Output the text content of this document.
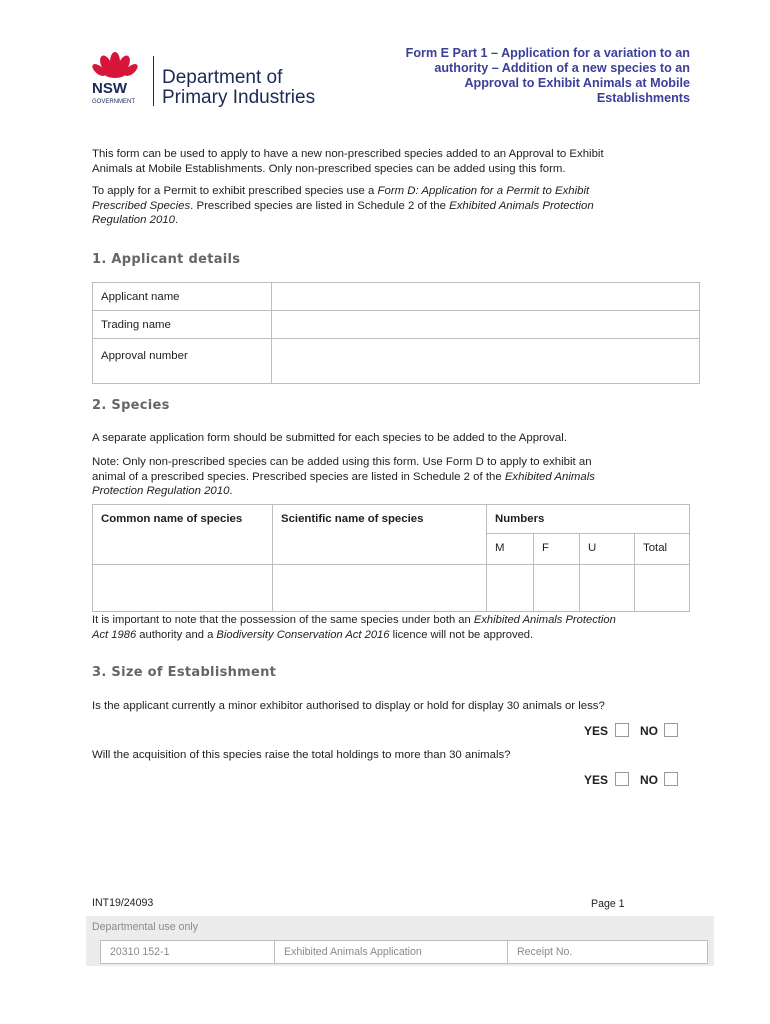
NSW
GOVERNMENT
Department of
Primary Industries
Form E Part 1 – Application for a variation to an
authority – Addition of a new species to an
Approval to Exhibit Animals at Mobile
Establishments
This form can be used to apply to have a new non-prescribed species added to an Approval to Exhibit
Animals at Mobile Establishments. Only non-prescribed species can be added using this form.
To apply for a Permit to exhibit prescribed species use a Form D: Application for a Permit to Exhibit
Prescribed Species. Prescribed species are listed in Schedule 2 of the Exhibited Animals Protection
Regulation 2010.
1. Applicant details
Applicant name	
Trading name	
Approval number	
2. Species
A separate application form should be submitted for each species to be added to the Approval.
Note: Only non-prescribed species can be added using this form. Use Form D to apply to exhibit an
animal of a prescribed species. Prescribed species are listed in Schedule 2 of the Exhibited Animals
Protection Regulation 2010.
Common name of species	Scientific name of species	Numbers			
		M	F	U	Total

It is important to note that the possession of the same species under both an Exhibited Animals Protection
Act 1986 authority and a Biodiversity Conservation Act 2016 licence will not be approved.
3. Size of Establishment
Is the applicant currently a minor exhibitor authorised to display or hold for display 30 animals or less?
YES	NO
Will the acquisition of this species raise the total holdings to more than 30 animals?
YES	NO
INT19/24093	Page 1
Departmental use only
20310 152-1	Exhibited Animals Application	Receipt No.
